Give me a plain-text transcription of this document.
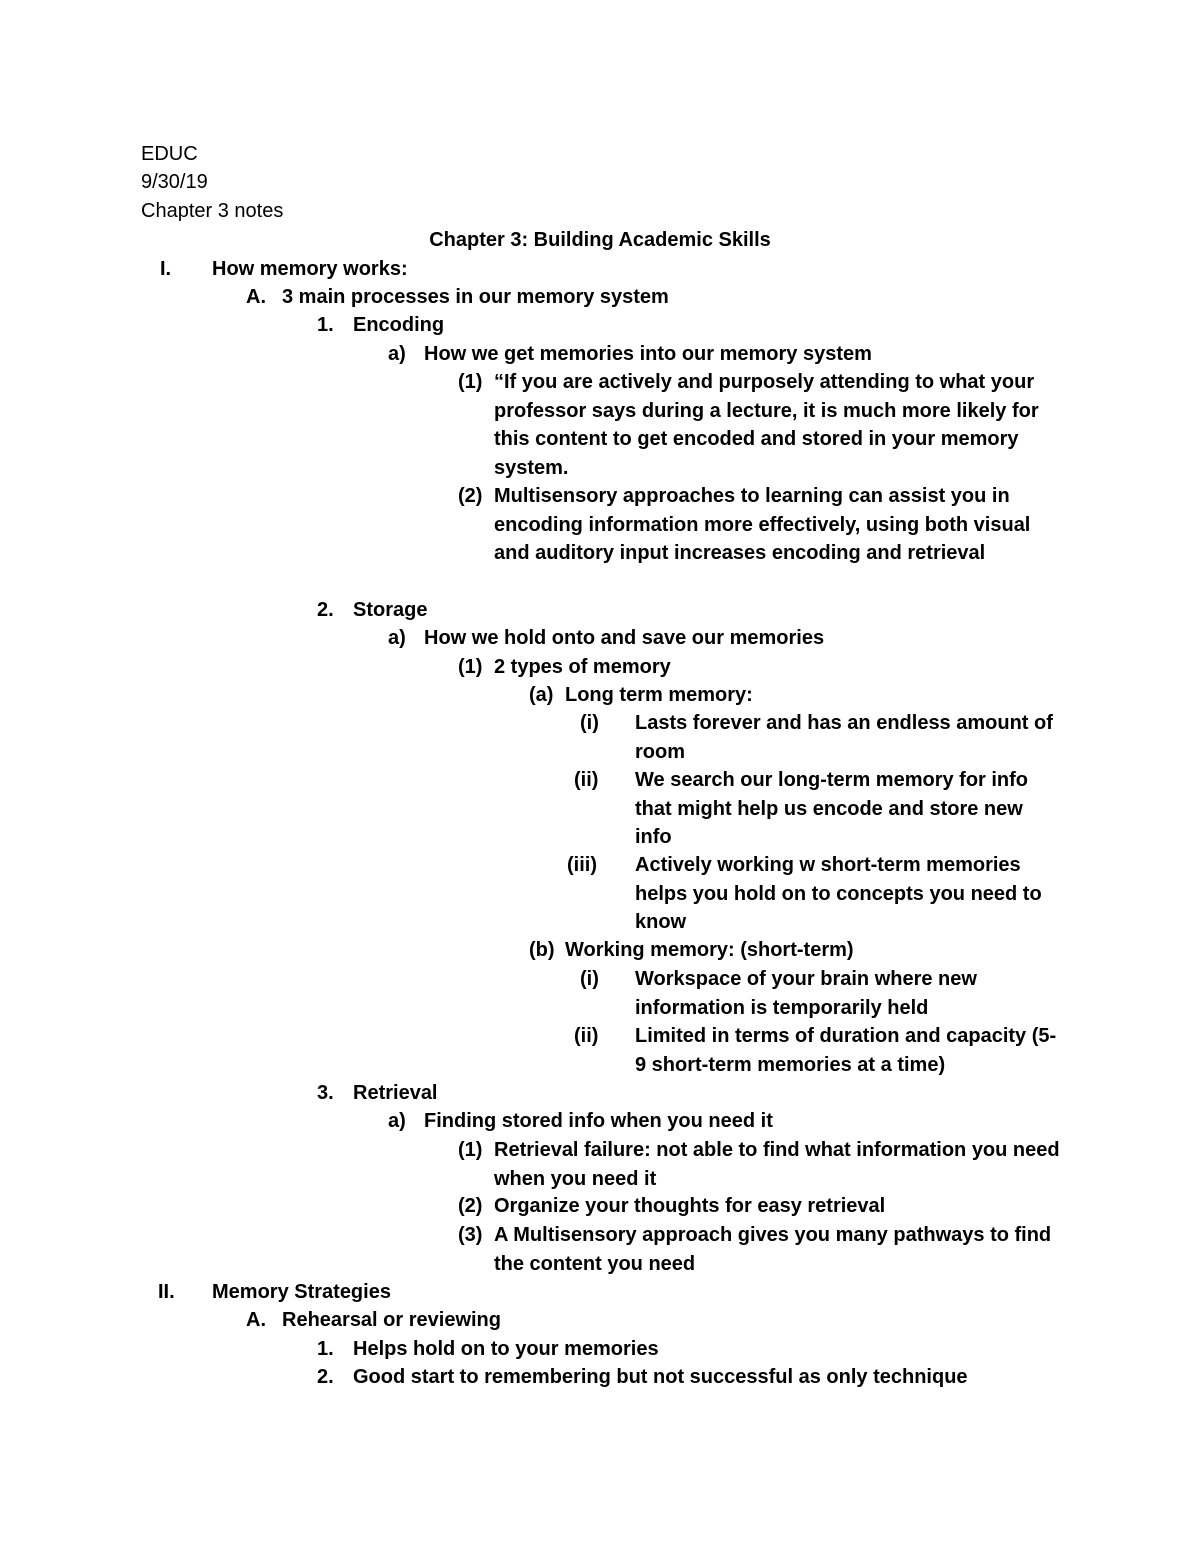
EDUC
9/30/19
Chapter 3 notes
Chapter 3: Building Academic Skills
I. How memory works:
A. 3 main processes in our memory system
1. Encoding
a) How we get memories into our memory system
(1) “If you are actively and purposely attending to what your professor says during a lecture, it is much more likely for this content to get encoded and stored in your memory system.
(2) Multisensory approaches to learning can assist you in encoding information more effectively, using both visual and auditory input increases encoding and retrieval
2. Storage
a) How we hold onto and save our memories
(1) 2 types of memory
(a) Long term memory:
(i) Lasts forever and has an endless amount of room
(ii) We search our long-term memory for info that might help us encode and store new info
(iii) Actively working w short-term memories helps you hold on to concepts you need to know
(b) Working memory: (short-term)
(i) Workspace of your brain where new information is temporarily held
(ii) Limited in terms of duration and capacity (5-9 short-term memories at a time)
3. Retrieval
a) Finding stored info when you need it
(1) Retrieval failure: not able to find what information you need when you need it
(2) Organize your thoughts for easy retrieval
(3) A Multisensory approach gives you many pathways to find the content you need
II. Memory Strategies
A. Rehearsal or reviewing
1. Helps hold on to your memories
2. Good start to remembering but not successful as only technique
